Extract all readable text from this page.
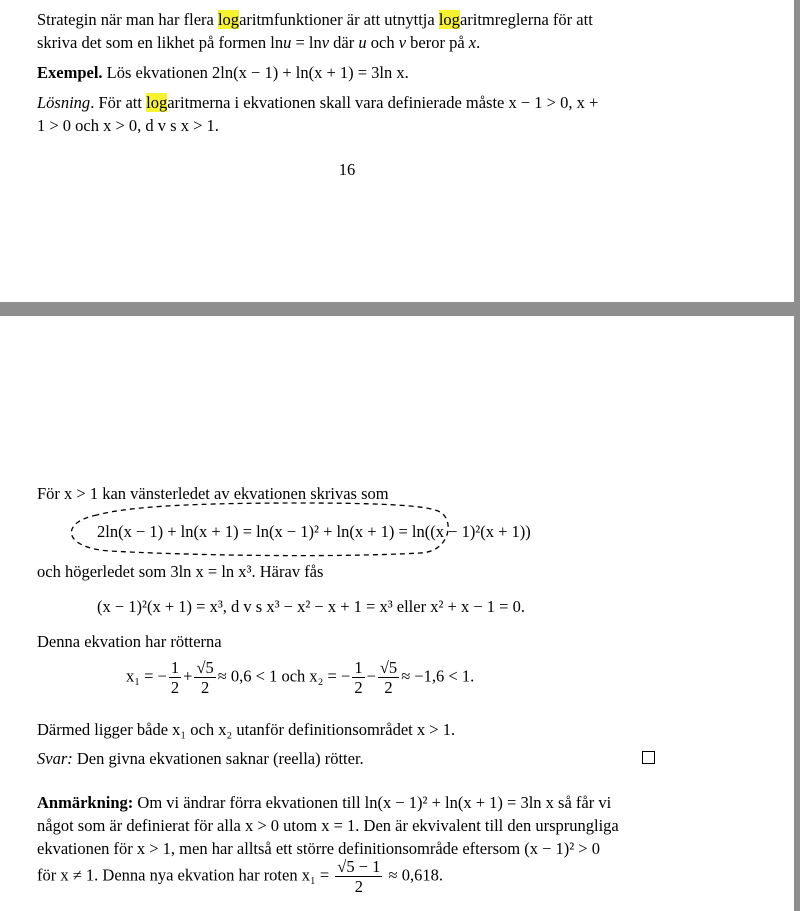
Strategin när man har flera logaritmfunktioner är att utnyttja logaritmreglerna för att
skriva det som en likhet på formen lnu = lnv där u och v beror på x.
Exempel. Lös ekvationen 2ln(x − 1) + ln(x + 1) = 3ln x.
Lösning. För att logaritmerna i ekvationen skall vara definierade måste x − 1 > 0, x +
1 > 0 och x > 0, d v s x > 1.
16
För x > 1 kan vänsterledet av ekvationen skrivas som
2ln(x − 1) + ln(x + 1) = ln(x − 1)² + ln(x + 1) = ln((x − 1)²(x + 1))
och högerledet som 3ln x = ln x³. Härav fås
(x − 1)²(x + 1) = x³, d v s x³ − x² − x + 1 = x³ eller x² + x − 1 = 0.
Denna ekvation har rötterna
x₁ = − $\frac{1}{2} + \frac{√5}{2} \approx 0,6 < 1$ och x₂ = − $\frac{1}{2} - \frac{√5}{2} \approx -1,6 < 1$.
Därmed ligger både x₁ och x₂ utanför definitionsområdet x > 1.
Svar: Den givna ekvationen saknar (reella) rötter.
Anmärkning: Om vi ändrar förra ekvationen till ln(x − 1)² + ln(x + 1) = 3ln x så får vi
något som är definierat för alla x > 0 utom x = 1. Den är ekvivalent till den ursprungliga
ekvationen för x > 1, men har alltså ett större definitionsområde eftersom (x − 1)² > 0
för x ≠ 1. Denna nya ekvation har roten $x_1 = \frac{√5 - 1}{2} \approx 0,618$.
